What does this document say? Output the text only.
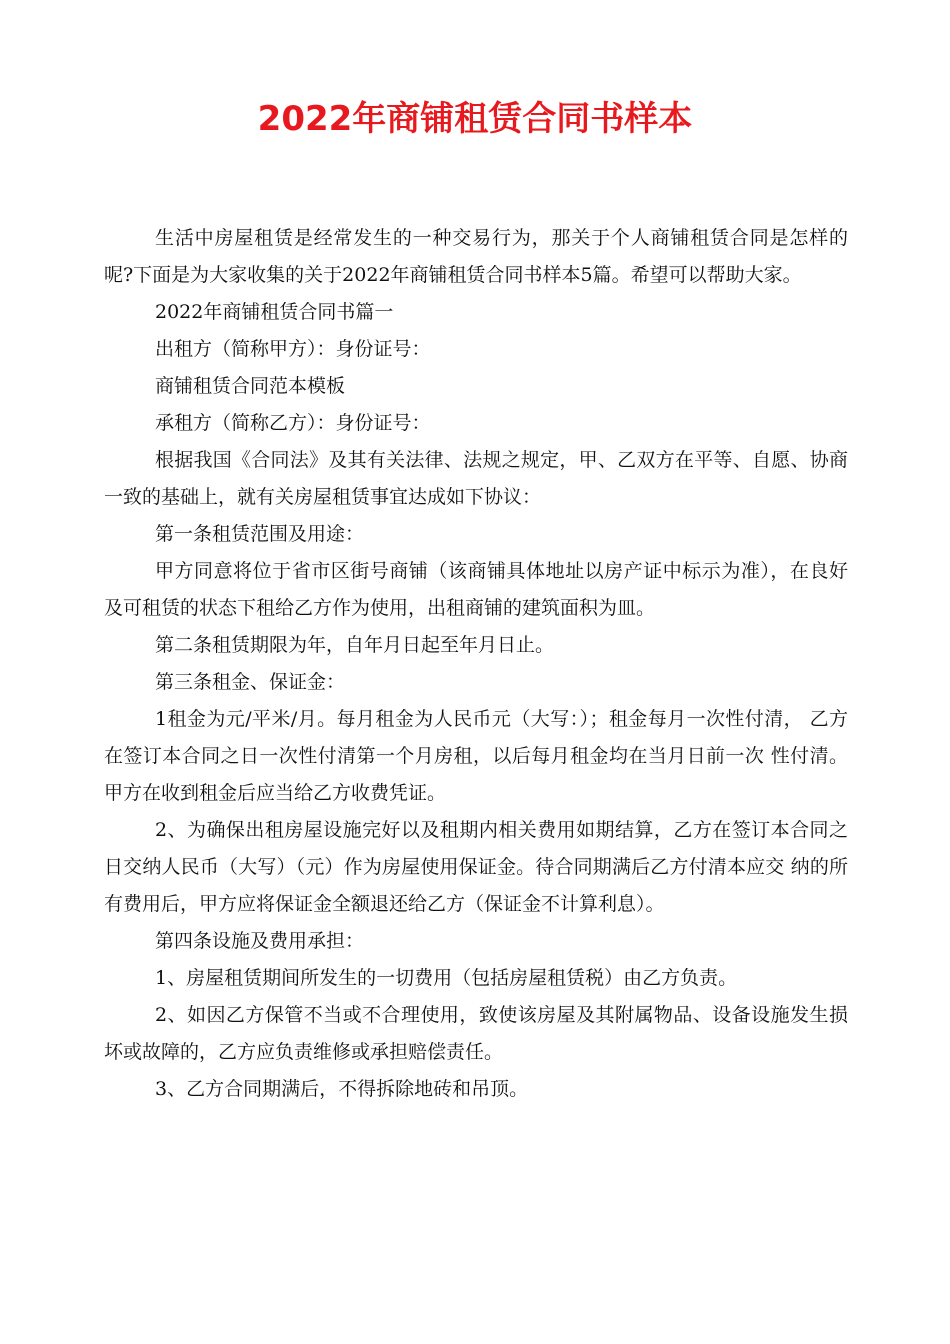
2022年商铺租赁合同书样本

生活中房屋租赁是经常发生的一种交易行为，那关于个人商铺租赁合同是怎样的呢?下面是为大家收集的关于2022年商铺租赁合同书样本5篇。希望可以帮助大家。

2022年商铺租赁合同书篇一

出租方（简称甲方）：身份证号：

商铺租赁合同范本模板

承租方（简称乙方）：身份证号：

根据我国《合同法》及其有关法律、法规之规定，甲、乙双方在平等、自愿、协商一致的基础上，就有关房屋租赁事宜达成如下协议：

第一条租赁范围及用途：

甲方同意将位于省市区街号商铺（该商铺具体地址以房产证中标示为准），在良好及可租赁的状态下租给乙方作为使用，出租商铺的建筑面积为皿。

第二条租赁期限为年，自年月日起至年月日止。

第三条租金、保证金：

1租金为元/平米/月。每月租金为人民币元（大写：）；租金每月一次性付清， 乙方在签订本合同之日一次性付清第一个月房租，以后每月租金均在当月日前一次 性付清。甲方在收到租金后应当给乙方收费凭证。

2、为确保出租房屋设施完好以及租期内相关费用如期结算，乙方在签订本合同之日交纳人民币（大写）（元）作为房屋使用保证金。待合同期满后乙方付清本应交 纳的所有费用后，甲方应将保证金全额退还给乙方（保证金不计算利息）。

第四条设施及费用承担：

1、房屋租赁期间所发生的一切费用（包括房屋租赁税）由乙方负责。

2、如因乙方保管不当或不合理使用，致使该房屋及其附属物品、设备设施发生损坏或故障的，乙方应负责维修或承担赔偿责任。

3、乙方合同期满后，不得拆除地砖和吊顶。
